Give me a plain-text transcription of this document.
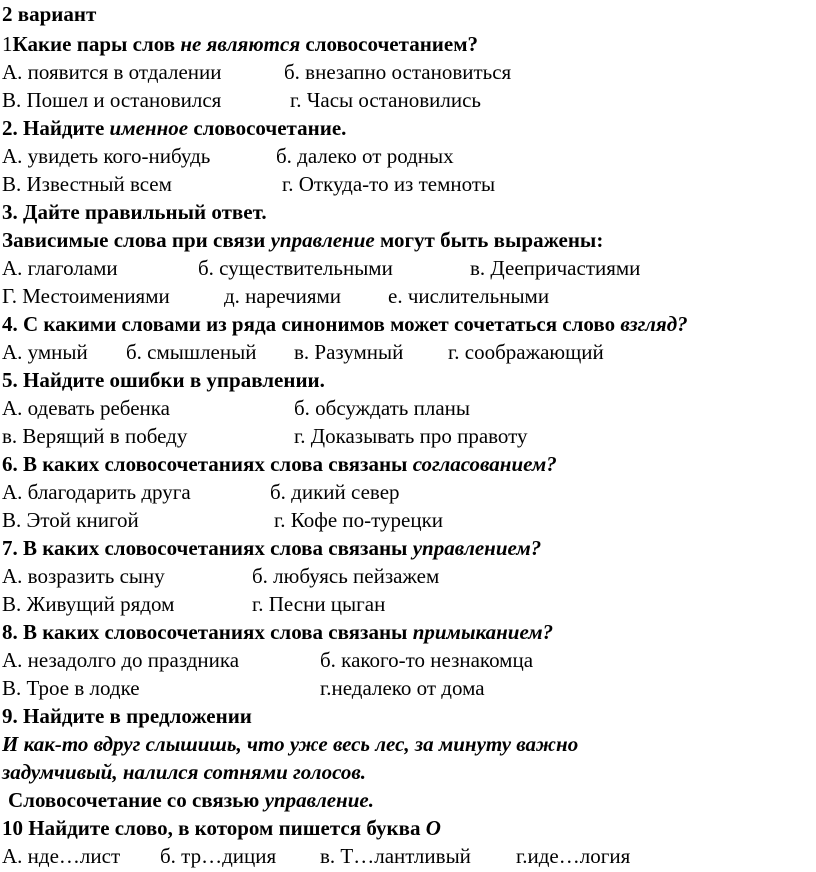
2 вариант
1Какие пары слов не являются словосочетанием?
А. появится в отдалении	б. внезапно остановиться
В. Пошел и остановился	г. Часы остановились
2. Найдите именное словосочетание.
А. увидеть кого-нибудь	б. далеко от родных
В. Известный всем	г. Откуда-то из темноты
3. Дайте правильный ответ.
Зависимые слова при связи управление могут быть выражены:
А. глаголами	б. существительными	в. Деепричастиями
Г. Местоимениями	д. наречиями е. числительными
4. С какими словами из ряда синонимов может сочетаться слово взгляд?
А. умный б. смышленый в. Разумный г. соображающий
5. Найдите ошибки в управлении.
А. одевать ребенка	б. обсуждать планы
в. Верящий в победу	г. Доказывать про правоту
6. В каких словосочетаниях слова связаны согласованием?
А. благодарить друга	б. дикий север
В. Этой книгой	г. Кофе по-турецки
7. В каких словосочетаниях слова связаны управлением?
А. возразить сыну	б. любуясь пейзажем
В. Живущий рядом	г. Песни цыган
8. В каких словосочетаниях слова связаны примыканием?
А. незадолго до праздника	б. какого-то незнакомца
В. Трое в лодке	г.недалеко от дома
9. Найдите в предложении
И как-то вдруг слышишь, что уже весь лес, за минуту важно
задумчивый, налился сотнями голосов.
Словосочетание со связью управление.
10 Найдите слово, в котором пишется буква О
А. нде…лист б. тр…диция в. Т…лантливый г.иде…логия
